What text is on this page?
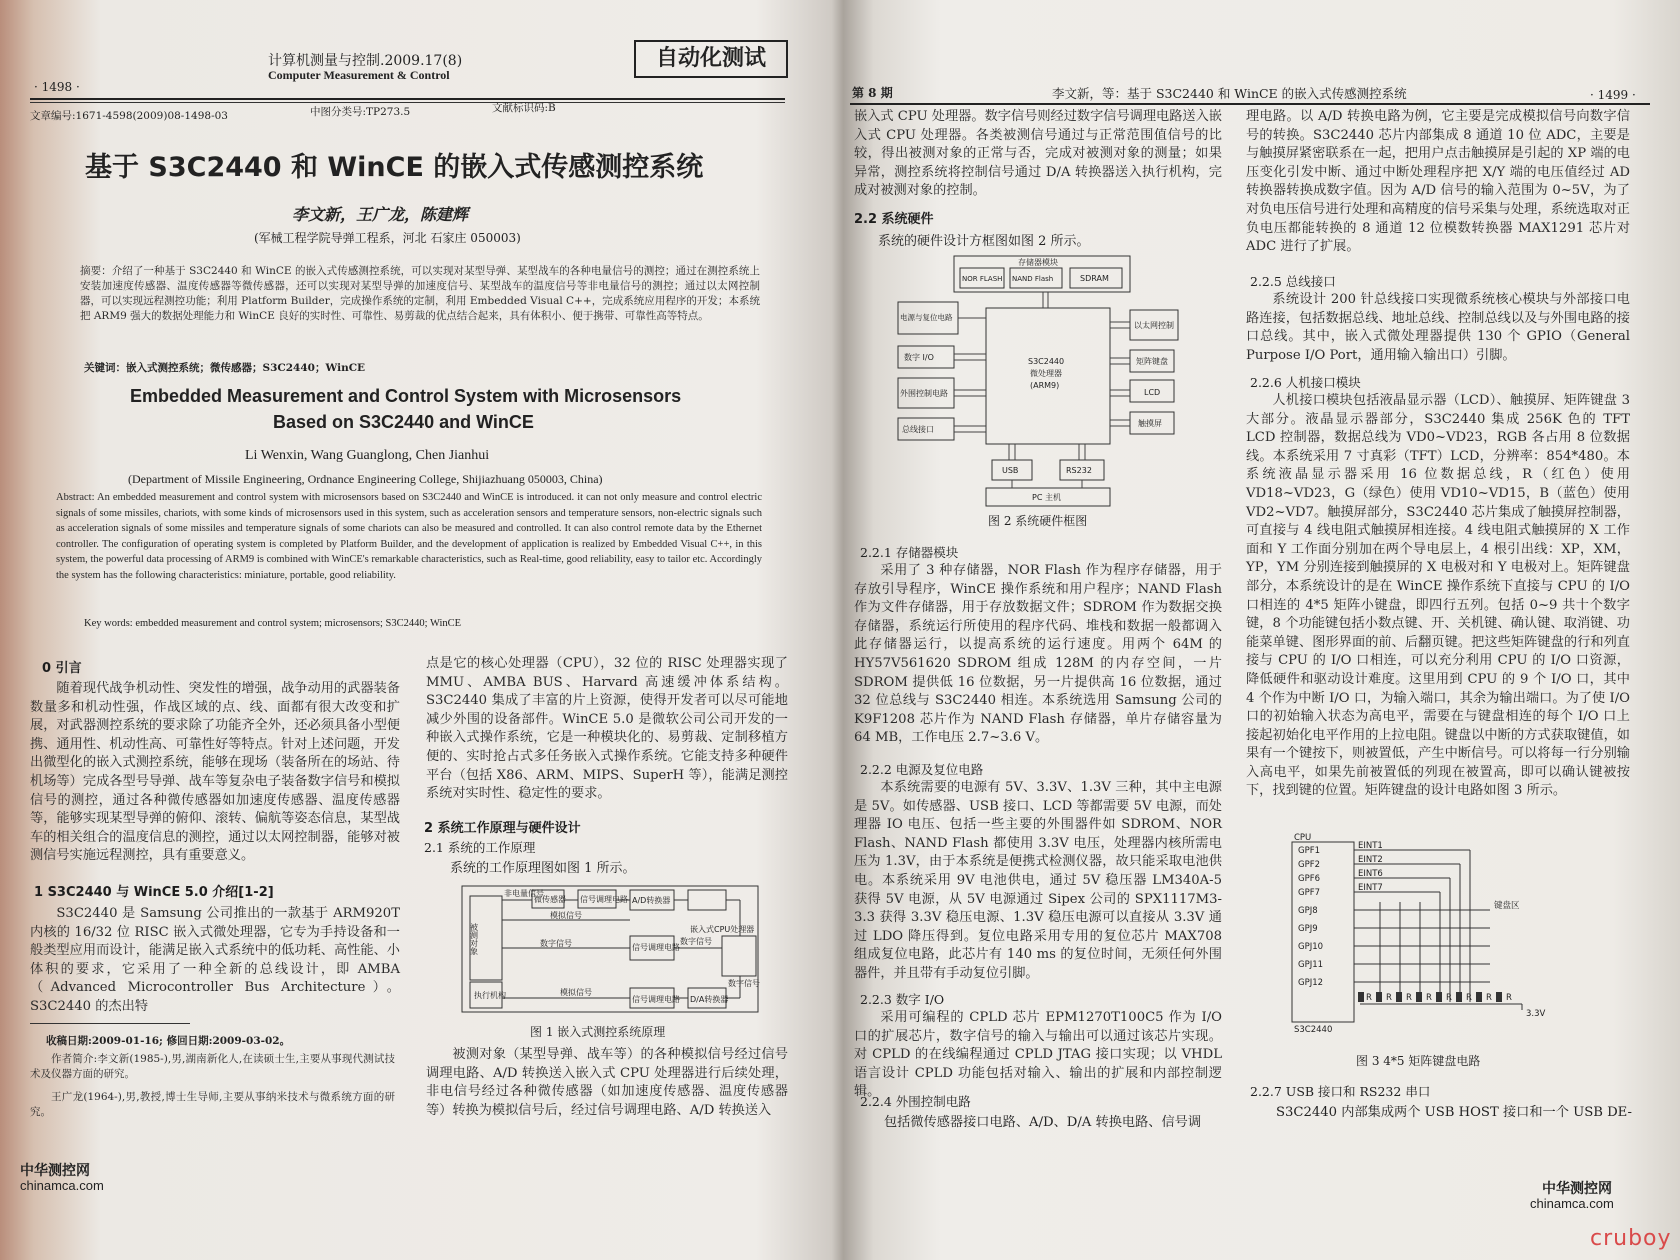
计算机测量与控制.2009.17(8)
Computer Measurement & Control
自动化测试
· 1498 ·
文章编号:1671-4598(2009)08-1498-03	中图分类号:TP273.5	文献标识码:B
基于 S3C2440 和 WinCE 的嵌入式传感测控系统
李文新，王广龙，陈建辉
(军械工程学院导弹工程系，河北 石家庄 050003)
摘要：介绍了一种基于 S3C2440 和 WinCE 的嵌入式传感测控系统，可以实现对某型导弹、某型战车的各种电量信号的测控；通过在测控系统上安装加速度传感器、温度传感器等微传感器，还可以实现对某型导弹的加速度信号、某型战车的温度信号等非电量信号的测控；通过以太网控制器，可以实现远程测控功能；利用 Platform Builder，完成操作系统的定制，利用 Embedded Visual C++，完成系统应用程序的开发；本系统把 ARM9 强大的数据处理能力和 WinCE 良好的实时性、可靠性、易剪裁的优点结合起来，具有体积小、便于携带、可靠性高等特点。
关键词：嵌入式测控系统；微传感器；S3C2440；WinCE
Embedded Measurement and Control System with Microsensors
Based on S3C2440 and WinCE
Li Wenxin, Wang Guanglong, Chen Jianhui
(Department of Missile Engineering, Ordnance Engineering College, Shijiazhuang 050003, China)
Abstract: An embedded measurement and control system with microsensors based on S3C2440 and WinCE is introduced. it can not only measure and control electric signals of some missiles, chariots, with some kinds of microsensors used in this system, such as acceleration sensors and temperature sensors, non-electric signals such as acceleration signals of some missiles and temperature signals of some chariots can also be measured and controlled. It can also control remote data by the Ethernet controller. The configuration of operating system is completed by Platform Builder, and the development of application is realized by Embedded Visual C++, in this system, the powerful data processing of ARM9 is combined with WinCE's remarkable characteristics, such as Real-time, good reliability, easy to tailor etc. Accordingly the system has the following characteristics: miniature, portable, good reliability.
Key words: embedded measurement and control system; microsensors; S3C2440; WinCE
0 引言
随着现代战争机动性、突发性的增强，战争动用的武器装备数量多和机动性强，作战区域的点、线、面都有很大改变和扩展，对武器测控系统的要求除了功能齐全外，还必须具备小型便携、通用性、机动性高、可靠性好等特点。针对上述问题，开发出微型化的嵌入式测控系统，能够在现场（装备所在的场站、待机场等）完成各型号导弹、战车等复杂电子装备数字信号和模拟信号的测控，通过各种微传感器如加速度传感器、温度传感器等，能够实现某型导弹的俯仰、滚转、偏航等姿态信息，某型战车的相关组合的温度信息的测控，通过以太网控制器，能够对被测信号实施远程测控，具有重要意义。
1 S3C2440 与 WinCE 5.0 介绍[1-2]
S3C2440 是 Samsung 公司推出的一款基于 ARM920T 内核的 16/32 位 RISC 嵌入式微处理器，它专为手持设备和一般类型应用而设计，能满足嵌入式系统中的低功耗、高性能、小体积的要求，它采用了一种全新的总线设计，即 AMBA（Advanced Microcontroller Bus Architecture）。S3C2440 的杰出特
收稿日期:2009-01-16; 修回日期:2009-03-02。
作者简介:李文新(1985-),男,湖南新化人,在读硕士生,主要从事现代测试技术及仪器方面的研究。
王广龙(1964-),男,教授,博士生导师,主要从事纳米技术与微系统方面的研究。
中华测控网
chinamca.com
点是它的核心处理器（CPU），32 位的 RISC 处理器实现了 MMU、AMBA BUS、Harvard 高速缓冲体系结构。S3C2440 集成了丰富的片上资源，使得开发者可以尽可能地减少外围的设备部件。WinCE 5.0 是微软公司公司开发的一种嵌入式操作系统，它是一种模块化的、易剪裁、定制移植方便的、实时抢占式多任务嵌入式操作系统。它能支持多种硬件平台（包括 X86、ARM、MIPS、SuperH 等），能满足测控系统对实时性、稳定性的要求。
2 系统工作原理与硬件设计
2.1 系统的工作原理
系统的工作原理图如图 1 所示。
被测对象
执行机构
非电量信号
微传感器 信号调理电路 A/D转换器
模拟信号
信号调理电路
数字信号	数字信号
嵌入式CPU处理器
信号调理电路
模拟信号
D/A转换器
数字信号
图 1 嵌入式测控系统原理
被测对象（某型导弹、战车等）的各种模拟信号经过信号调理电路、A/D 转换送入嵌入式 CPU 处理器进行后续处理，非电信号经过各种微传感器（如加速度传感器、温度传感器等）转换为模拟信号后，经过信号调理电路、A/D 转换送入
第 8 期	李文新，等：基于 S3C2440 和 WinCE 的嵌入式传感测控系统	· 1499 ·
嵌入式 CPU 处理器。数字信号则经过数字信号调理电路送入嵌入式 CPU 处理器。各类被测信号通过与正常范围值信号的比较，得出被测对象的正常与否，完成对被测对象的测量；如果异常，测控系统将控制信号通过 D/A 转换器送入执行机构，完成对被测对象的控制。
2.2 系统硬件
系统的硬件设计方框图如图 2 所示。
存储器模块
NOR FLASH NAND Flash	SDRAM
电源与复位电路
数字 I/O
外围控制电路
总线接口
S3C2440
微处理器
(ARM9)
以太网控制
矩阵键盘
LCD
触摸屏
USB	RS232
PC 主机
图 2 系统硬件框图
2.2.1 存储器模块
采用了 3 种存储器，NOR Flash 作为程序存储器，用于存放引导程序，WinCE 操作系统和用户程序；NAND Flash 作为文件存储器，用于存放数据文件；SDROM 作为数据交换存储器，系统运行所使用的程序代码、堆栈和数据一般都调入此存储器运行，以提高系统的运行速度。用两个 64M 的 HY57V561620 SDROM 组成 128M 的内存空间，一片 SDROM 提供低 16 位数据，另一片提供高 16 位数据，通过 32 位总线与 S3C2440 相连。本系统选用 Samsung 公司的 K9F1208 芯片作为 NAND Flash 存储器，单片存储容量为 64 MB，工作电压 2.7~3.6 V。
2.2.2 电源及复位电路
本系统需要的电源有 5V、3.3V、1.3V 三种，其中主电源是 5V。如传感器、USB 接口、LCD 等都需要 5V 电源，而处理器 IO 电压、包括一些主要的外围器件如 SDROM、NOR Flash、NAND Flash 都使用 3.3V 电压，处理器内核所需电压为 1.3V，由于本系统是便携式检测仪器，故只能采取电池供电。本系统采用 9V 电池供电，通过 5V 稳压器 LM340A-5 获得 5V 电源，从 5V 电源通过 Sipex 公司的 SPX1117M3-3.3 获得 3.3V 稳压电源、1.3V 稳压电源可以直接从 3.3V 通过 LDO 降压得到。复位电路采用专用的复位芯片 MAX708 组成复位电路，此芯片有 140 ms 的复位时间，无须任何外围器件，并且带有手动复位引脚。
2.2.3 数字 I/O
采用可编程的 CPLD 芯片 EPM1270T100C5 作为 I/O 口的扩展芯片，数字信号的输入与输出可以通过该芯片实现。对 CPLD 的在线编程通过 CPLD JTAG 接口实现；以 VHDL 语言设计 CPLD 功能包括对输入、输出的扩展和内部控制逻辑。
2.2.4 外围控制电路
包括微传感器接口电路、A/D、D/A 转换电路、信号调
理电路。以 A/D 转换电路为例，它主要是完成模拟信号向数字信号的转换。S3C2440 芯片内部集成 8 通道 10 位 ADC，主要是与触摸屏紧密联系在一起，把用户点击触摸屏是引起的 XP 端的电压变化引发中断、通过中断处理程序把 X/Y 端的电压值经过 AD 转换器转换成数字值。因为 A/D 信号的输入范围为 0~5V，为了对负电压信号进行处理和高精度的信号采集与处理，系统选取对正负电压都能转换的 8 通道 12 位模数转换器 MAX1291 芯片对 ADC 进行了扩展。
2.2.5 总线接口
系统设计 200 针总线接口实现微系统核心模块与外部接口电路连接，包括数据总线、地址总线、控制总线以及与外围电路的接口总线。其中，嵌入式微处理器提供 130 个 GPIO（General Purpose I/O Port，通用输入输出口）引脚。
2.2.6 人机接口模块
人机接口模块包括液晶显示器（LCD）、触摸屏、矩阵键盘 3 大部分。液晶显示器部分，S3C2440 集成 256K 色的 TFT LCD 控制器，数据总线为 VD0~VD23，RGB 各占用 8 位数据线。本系统采用 7 寸真彩（TFT）LCD，分辨率：854*480。本系统液晶显示器采用 16 位数据总线，R（红色）使用 VD18~VD23，G（绿色）使用 VD10~VD15，B（蓝色）使用 VD2~VD7。触摸屏部分，S3C2440 芯片集成了触摸屏控制器，可直接与 4 线电阻式触摸屏相连接。4 线电阻式触摸屏的 X 工作面和 Y 工作面分别加在两个导电层上，4 根引出线：XP，XM，YP，YM 分别连接到触摸屏的 X 电极对和 Y 电极对上。矩阵键盘部分，本系统设计的是在 WinCE 操作系统下直接与 CPU 的 I/O 口相连的 4*5 矩阵小键盘，即四行五列。包括 0~9 共十个数字键，8 个功能键包括小数点键、开、关机键、确认键、取消键、功能菜单键、图形界面的前、后翻页键。把这些矩阵键盘的行和列直接与 CPU 的 I/O 口相连，可以充分利用 CPU 的 I/O 口资源，降低硬件和驱动设计难度。这里用到 CPU 的 9 个 I/O 口，其中 4 个作为中断 I/O 口，为输入端口，其余为输出端口。为了使 I/O 口的初始输入状态为高电平，需要在与键盘相连的每个 I/O 口上接起初始化电平作用的上拉电阻。键盘以中断的方式获取键值，如果有一个键按下，则被置低，产生中断信号。可以将每一行分别输入高电平，如果先前被置低的列现在被置高，即可以确认键被按下，找到键的位置。矩阵键盘的设计电路如图 3 所示。
CPU
GPF1
GPF2
GPF6
GPF7
GPJ8
GPJ9
GPJ10
GPJ11
GPJ12
EINT1
EINT2
EINT6
EINT7
键盘区
R R R R R R R R
S3C2440
3.3V
图 3 4*5 矩阵键盘电路
2.2.7 USB 接口和 RS232 串口
S3C2440 内部集成两个 USB HOST 接口和一个 USB DE-
中华测控网
chinamca.com
cruboy
